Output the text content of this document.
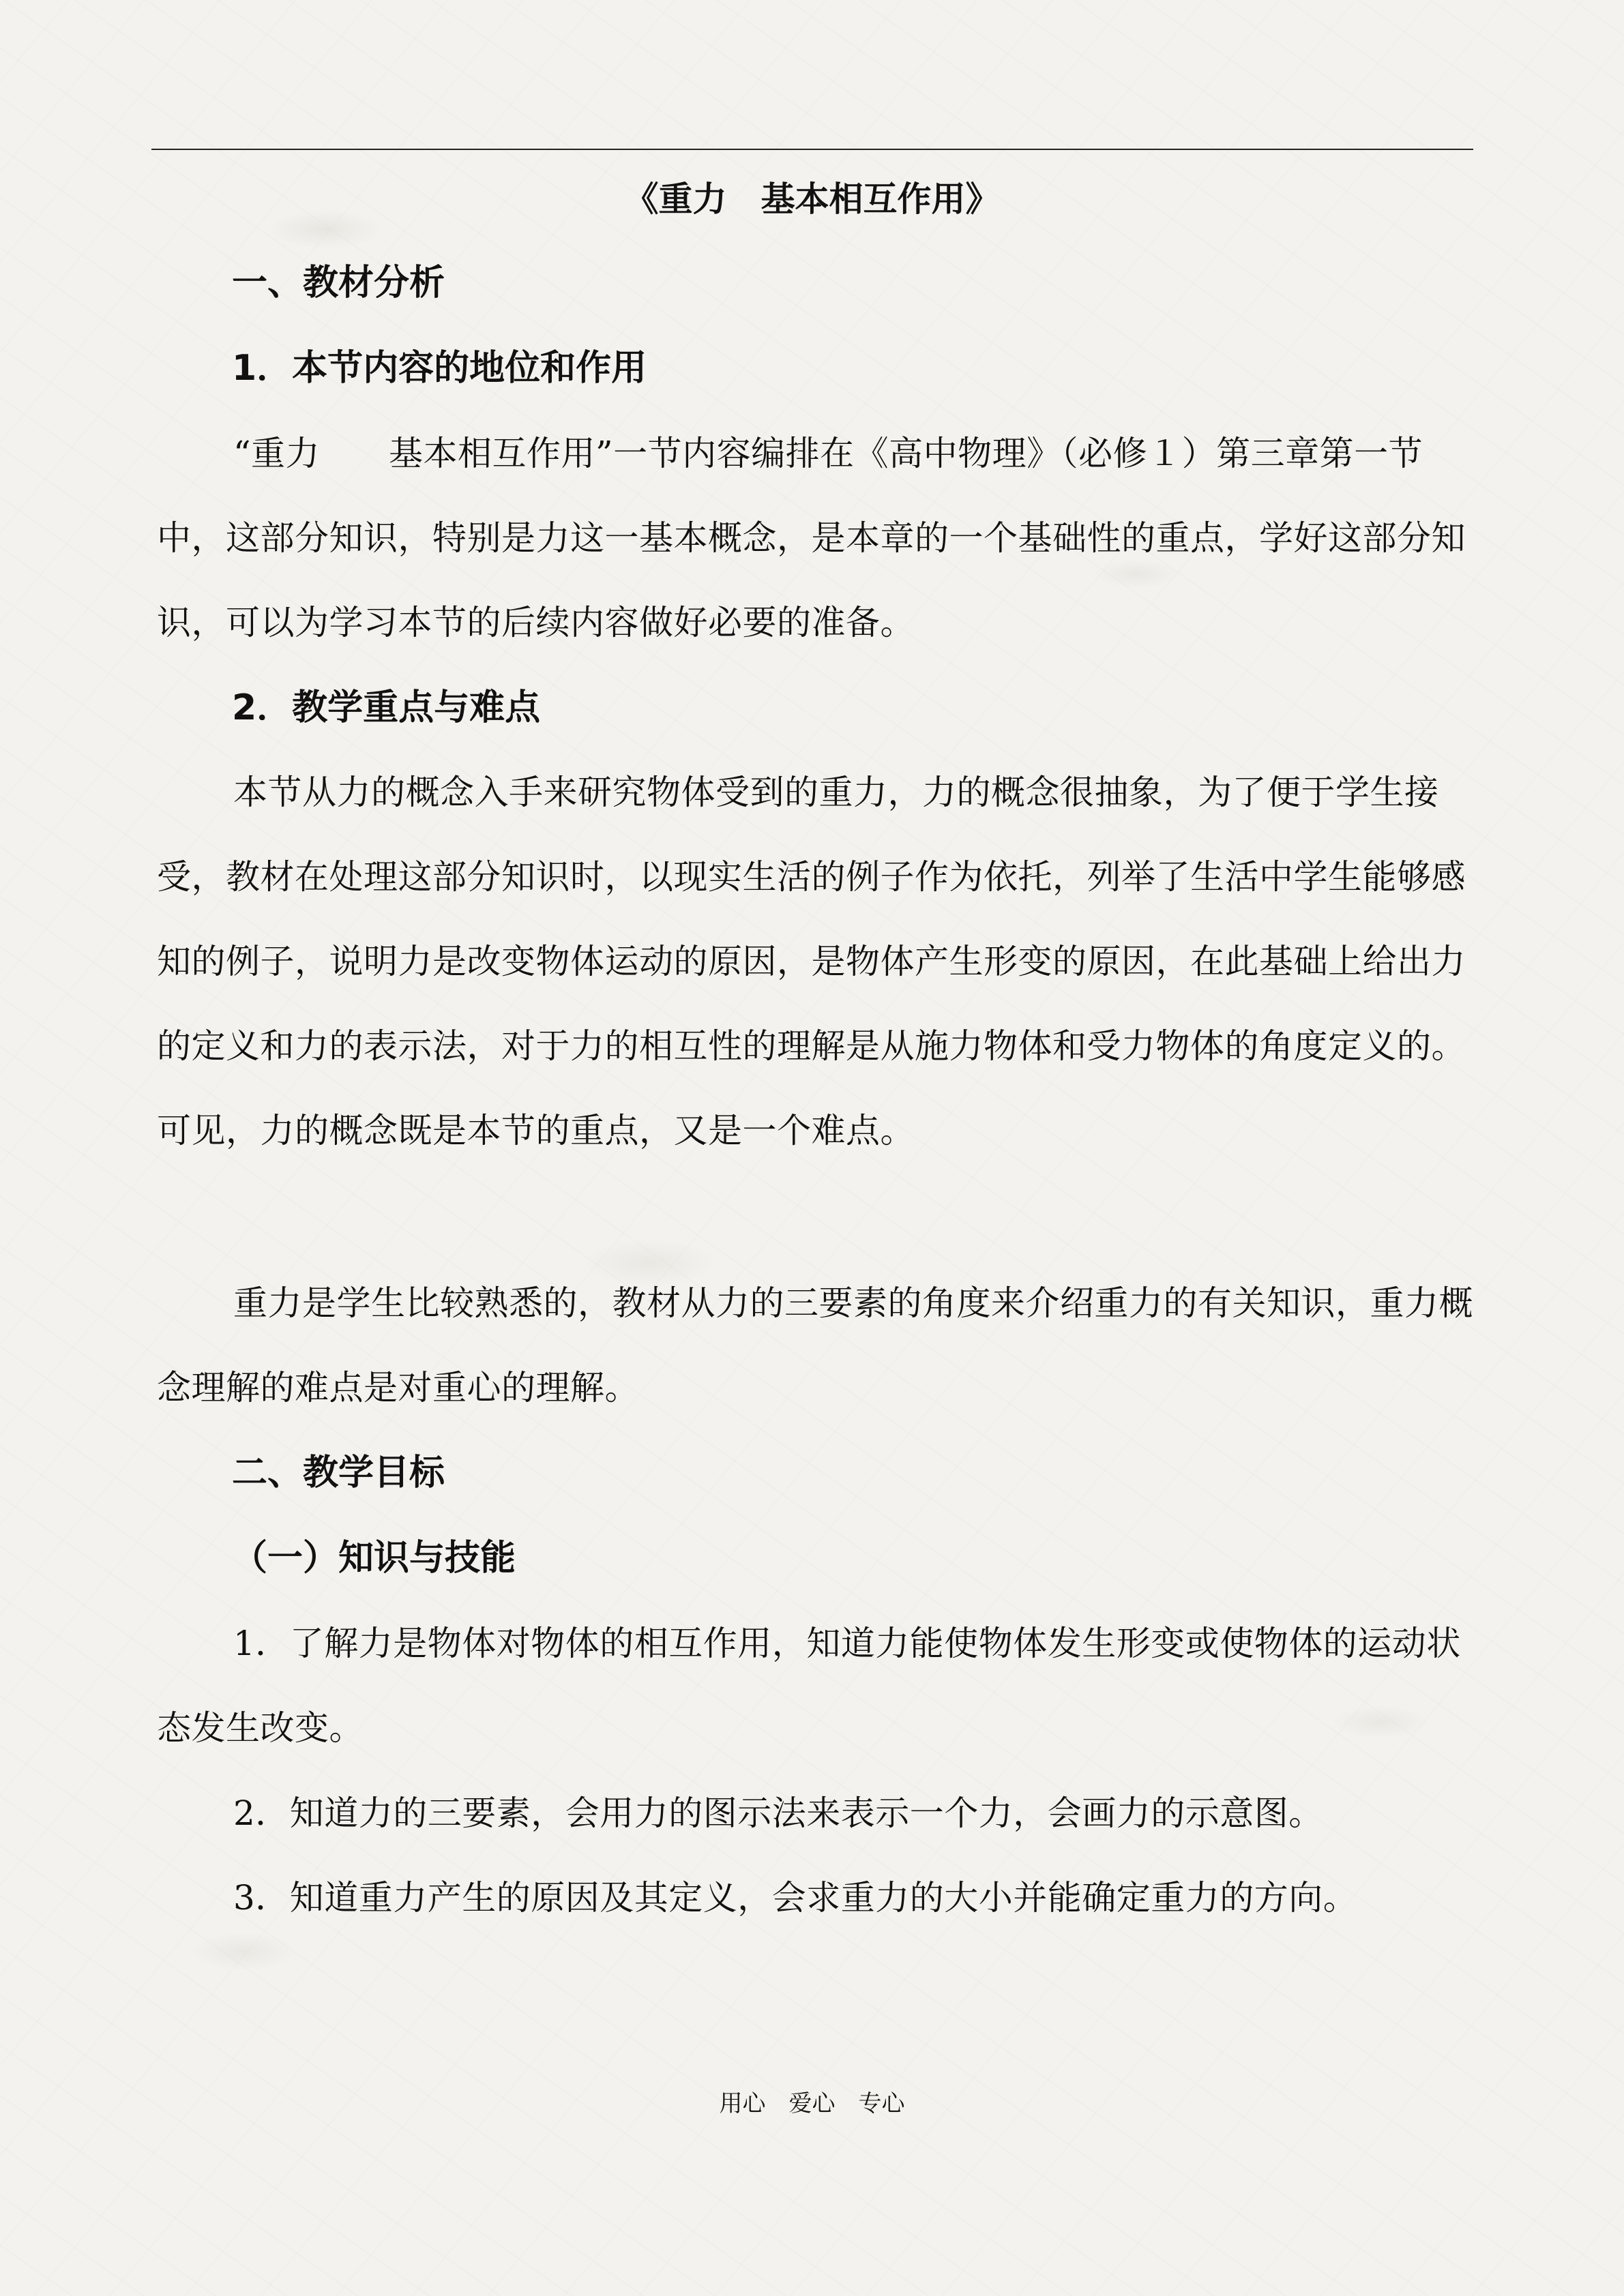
《重力　基本相互作用》
一、教材分析
1．本节内容的地位和作用
“重力　　基本相互作用”一节内容编排在《高中物理》（必修１）第三章第一节中，这部分知识，特别是力这一基本概念，是本章的一个基础性的重点，学好这部分知识，可以为学习本节的后续内容做好必要的准备。
2．教学重点与难点
本节从力的概念入手来研究物体受到的重力，力的概念很抽象，为了便于学生接受，教材在处理这部分知识时，以现实生活的例子作为依托，列举了生活中学生能够感知的例子，说明力是改变物体运动的原因，是物体产生形变的原因，在此基础上给出力的定义和力的表示法，对于力的相互性的理解是从施力物体和受力物体的角度定义的。可见，力的概念既是本节的重点，又是一个难点。
重力是学生比较熟悉的，教材从力的三要素的角度来介绍重力的有关知识，重力概念理解的难点是对重心的理解。
二、教学目标
（一）知识与技能
1．了解力是物体对物体的相互作用，知道力能使物体发生形变或使物体的运动状态发生改变。
2．知道力的三要素，会用力的图示法来表示一个力，会画力的示意图。
3．知道重力产生的原因及其定义，会求重力的大小并能确定重力的方向。
用心　爱心　专心
